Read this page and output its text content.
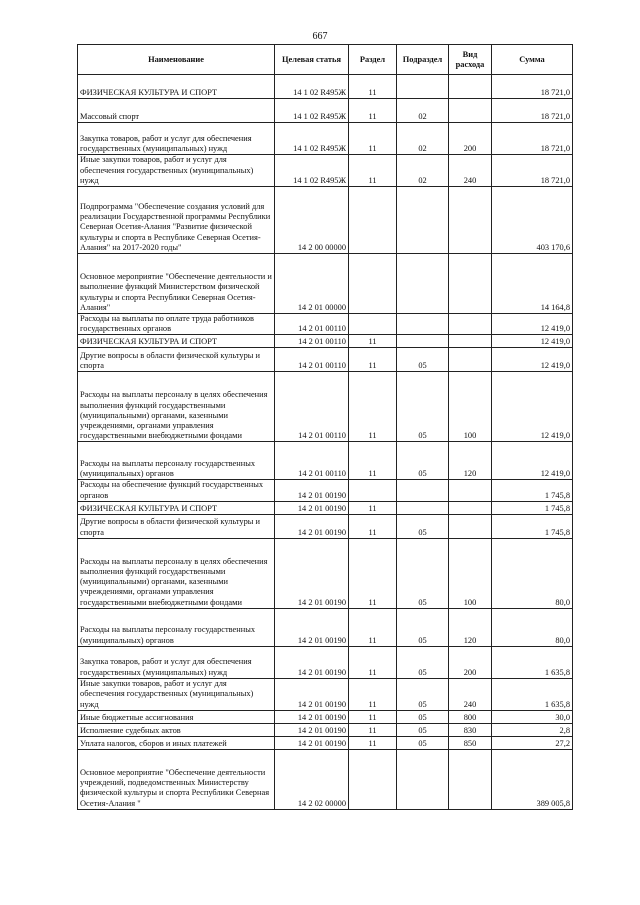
667
Наименование	Целевая статья	Раздел	Подраздел	Вид расхода	Сумма
ФИЗИЧЕСКАЯ КУЛЬТУРА И СПОРТ	14 1 02 R495Ж	11			18 721,0
Массовый спорт	14 1 02 R495Ж	11	02		18 721,0
Закупка товаров, работ и услуг для обеспечения государственных (муниципальных) нужд	14 1 02 R495Ж	11	02	200	18 721,0
Иные закупки товаров, работ и услуг для обеспечения государственных (муниципальных) нужд	14 1 02 R495Ж	11	02	240	18 721,0
Подпрограмма "Обеспечение создания условий для реализации Государственной программы Республики Северная Осетия-Алания "Развитие физической культуры и спорта в Республике Северная Осетия-Алания" на 2017-2020 годы"	14 2 00 00000				403 170,6
Основное мероприятие "Обеспечение деятельности и выполнение функций Министерством физической культуры и спорта Республики Северная Осетия-Алания"	14 2 01 00000				14 164,8
Расходы на выплаты по оплате труда работников государственных органов	14 2 01 00110				12 419,0
ФИЗИЧЕСКАЯ КУЛЬТУРА И СПОРТ	14 2 01 00110	11			12 419,0
Другие вопросы в области физической культуры и спорта	14 2 01 00110	11	05		12 419,0
Расходы на выплаты персоналу в целях обеспечения выполнения функций государственными (муниципальными) органами, казенными учреждениями, органами управления государственными внебюджетными фондами	14 2 01 00110	11	05	100	12 419,0
Расходы на выплаты персоналу государственных (муниципальных) органов	14 2 01 00110	11	05	120	12 419,0
Расходы на обеспечение функций государственных органов	14 2 01 00190				1 745,8
ФИЗИЧЕСКАЯ КУЛЬТУРА И СПОРТ	14 2 01 00190	11			1 745,8
Другие вопросы в области физической культуры и спорта	14 2 01 00190	11	05		1 745,8
Расходы на выплаты персоналу в целях обеспечения выполнения функций государственными (муниципальными) органами, казенными учреждениями, органами управления государственными внебюджетными фондами	14 2 01 00190	11	05	100	80,0
Расходы на выплаты персоналу государственных (муниципальных) органов	14 2 01 00190	11	05	120	80,0
Закупка товаров, работ и услуг для обеспечения государственных (муниципальных) нужд	14 2 01 00190	11	05	200	1 635,8
Иные закупки товаров, работ и услуг для обеспечения государственных (муниципальных) нужд	14 2 01 00190	11	05	240	1 635,8
Иные бюджетные ассигнования	14 2 01 00190	11	05	800	30,0
Исполнение судебных актов	14 2 01 00190	11	05	830	2,8
Уплата налогов, сборов и иных платежей	14 2 01 00190	11	05	850	27,2
Основное мероприятие "Обеспечение деятельности учреждений, подведомственных Министерству физической культуры и спорта Республики Северная Осетия-Алания "	14 2 02 00000				389 005,8
